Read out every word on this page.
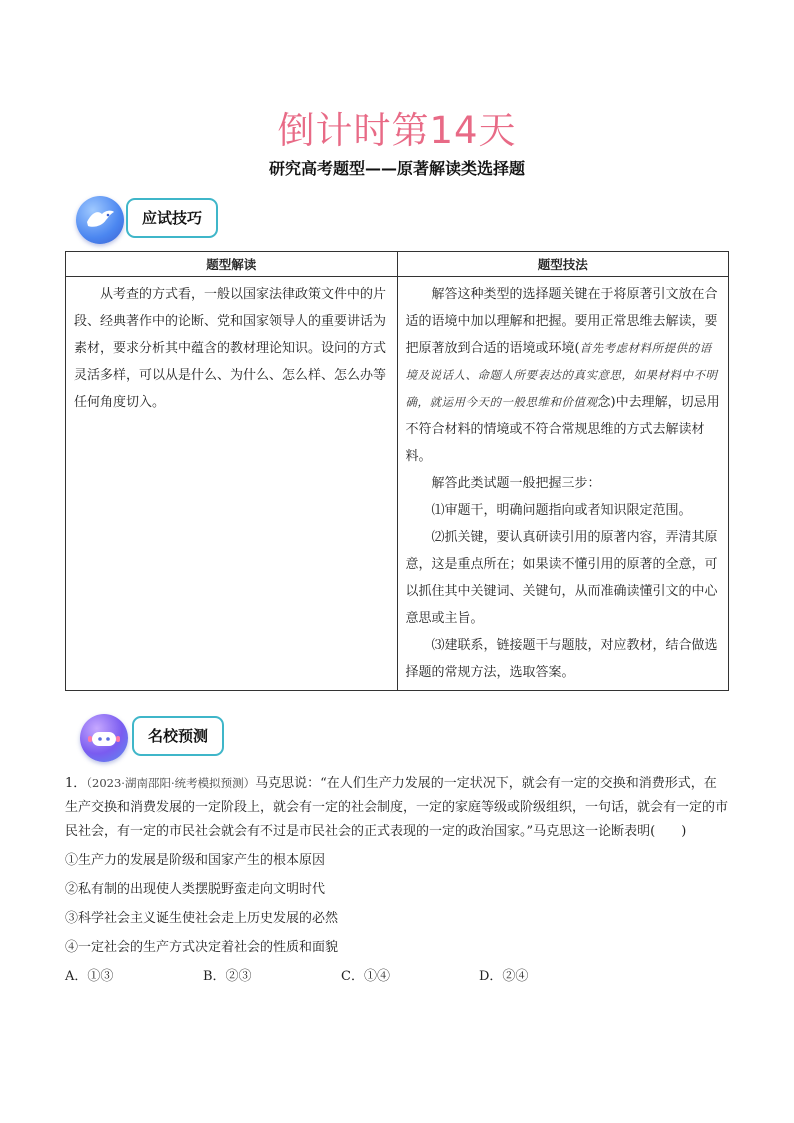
倒计时第14天
研究高考题型——原著解读类选择题
应试技巧
题型解读	题型技法

从考查的方式看，一般以国家法律政策文件中的片段、经典著作中的论断、党和国家领导人的重要讲话为素材，要求分析其中蕴含的教材理论知识。设问的方式灵活多样，可以从是什么、为什么、怎么样、怎么办等任何角度切入。	解答这种类型的选择题关键在于将原著引文放在合适的语境中加以理解和把握。要用正常思维去解读，要把原著放到合适的语境或环境(首先考虑材料所提供的语境及说话人、命题人所要表达的真实意思，如果材料中不明确，就运用今天的一般思维和价值观念)中去理解，切忌用不符合材料的情境或不符合常规思维的方式去解读材料。

解答此类试题一般把握三步：

⑴审题干，明确问题指向或者知识限定范围。

⑵抓关键，要认真研读引用的原著内容，弄清其原意，这是重点所在；如果读不懂引用的原著的全意，可以抓住其中关键词、关键句，从而准确读懂引文的中心意思或主旨。

⑶建联系，链接题干与题肢，对应教材，结合做选择题的常规方法，选取答案。

名校预测

1．（2023·湖南邵阳·统考模拟预测）马克思说：“在人们生产力发展的一定状况下，就会有一定的交换和消费形式，在生产交换和消费发展的一定阶段上，就会有一定的社会制度，一定的家庭等级或阶级组织，一句话，就会有一定的市民社会，有一定的市民社会就会有不过是市民社会的正式表现的一定的政治国家。”马克思这一论断表明(　　)

①生产力的发展是阶级和国家产生的根本原因

②私有制的出现使人类摆脱野蛮走向文明时代

③科学社会主义诞生使社会走上历史发展的必然

④一定社会的生产方式决定着社会的性质和面貌

A．①③	B．②③	C．①④	D．②④
